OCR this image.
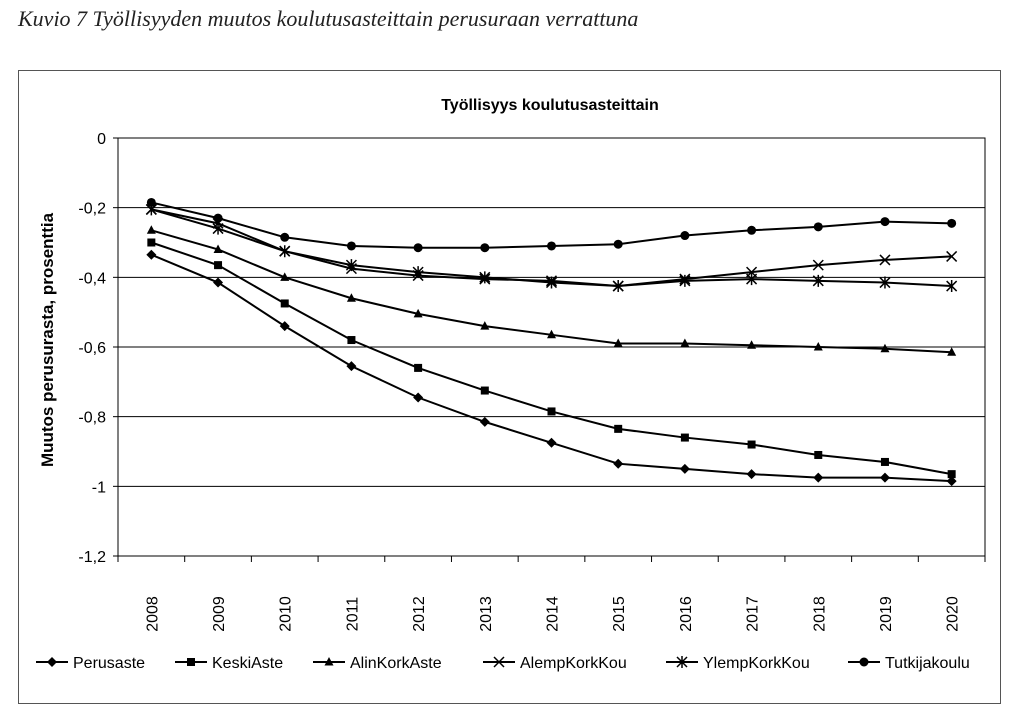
Kuvio 7 Työllisyyden muutos koulutusasteittain perusuraan verrattuna
Työllisyys koulutusasteittain
Muutos perusurasta, prosenttia
0
-0,2
-0,4
-0,6
-0,8
-1
-1,2
2008	2009	2010	2011	2012	2013	2014	2015	2016	2017	2018	2019	2020
Perusaste	KeskiAste	AlinKorkAste	AlempKorkKou	YlempKorkKou	Tutkijakoulu
